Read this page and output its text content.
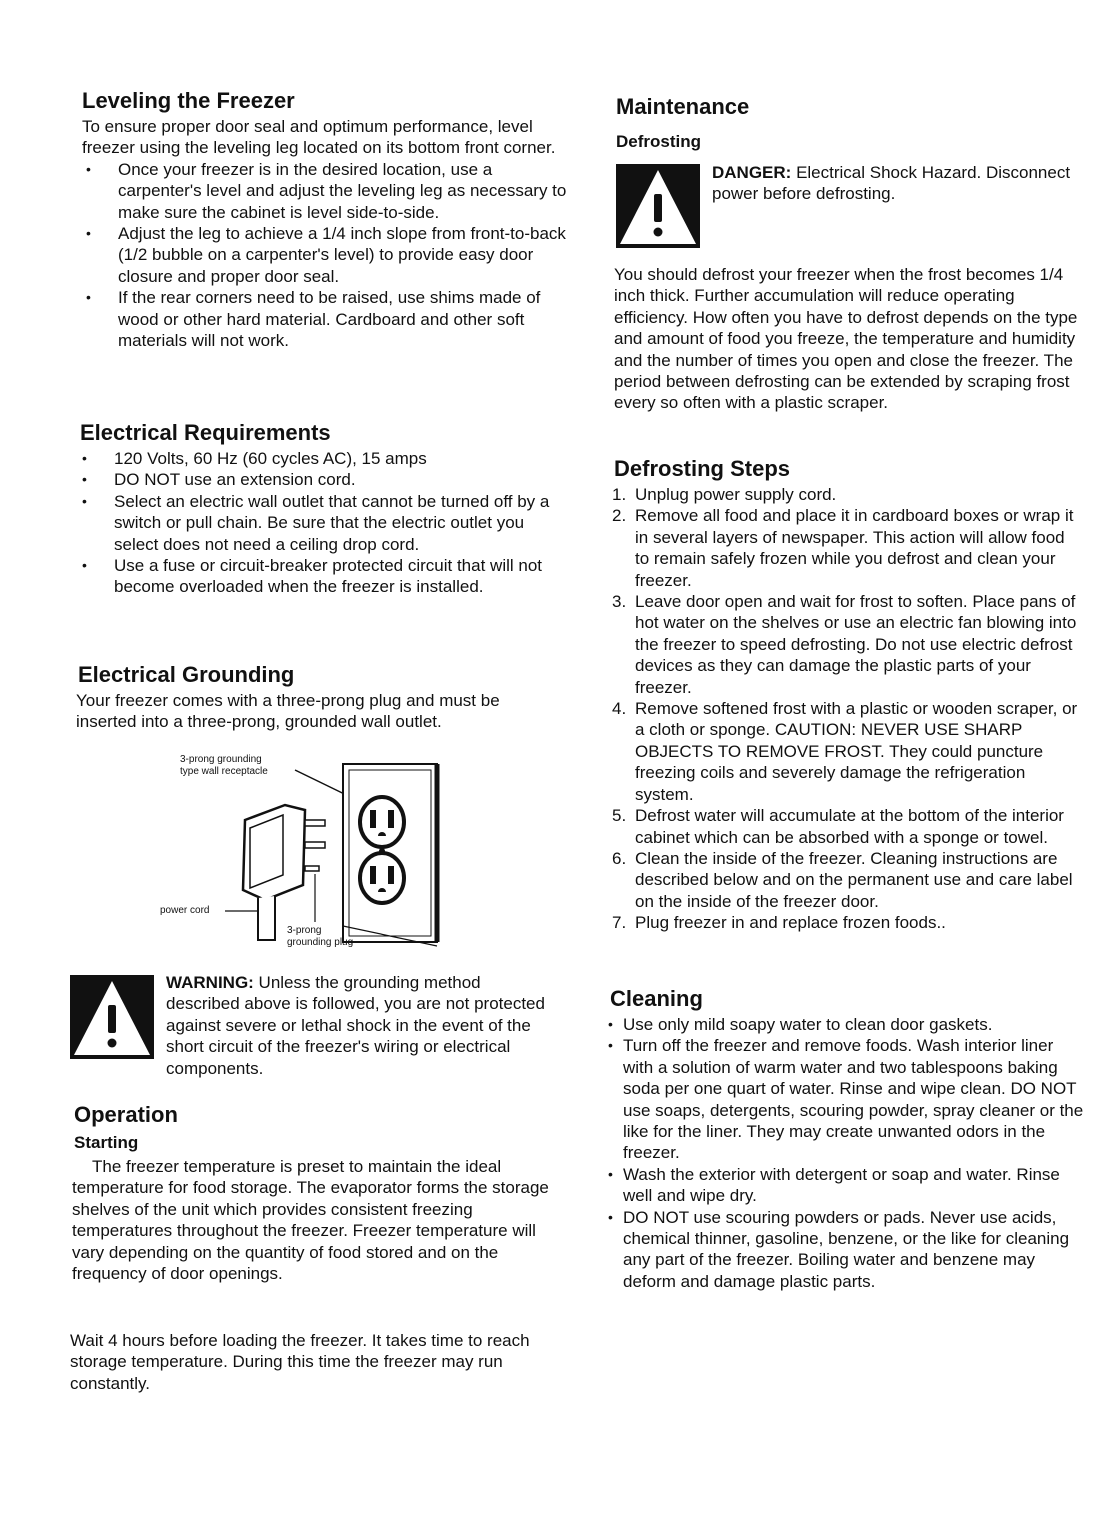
Leveling the Freezer

To ensure proper door seal and optimum performance, level freezer using the leveling leg located on its bottom front corner.

• Once your freezer is in the desired location, use a carpenter's level and adjust the leveling leg as necessary to make sure the cabinet is level side-to-side.
• Adjust the leg to achieve a 1/4 inch slope from front-to-back (1/2 bubble on a carpenter's level) to provide easy door closure and proper door seal.
• If the rear corners need to be raised, use shims made of wood or other hard material. Cardboard and other soft materials will not work.
Electrical Requirements
• 120 Volts, 60 Hz (60 cycles AC), 15 amps
• DO NOT use an extension cord.
• Select an electric wall outlet that cannot be turned off by a switch or pull chain. Be sure that the electric outlet you select does not need a ceiling drop cord.
• Use a fuse or circuit-breaker protected circuit that will not become overloaded when the freezer is installed.
Electrical Grounding
Your freezer comes with a three-prong plug and must be inserted into a three-prong, grounded wall outlet.
3-prong grounding
type wall receptacle
power cord
3-prong
grounding plug
WARNING: Unless the grounding method described above is followed, you are not protected against severe or lethal shock in the event of the short circuit of the freezer's wiring or electrical components.
Operation
Starting
The freezer temperature is preset to maintain the ideal temperature for food storage. The evaporator forms the storage shelves of the unit which provides consistent freezing temperatures throughout the freezer. Freezer temperature will vary depending on the quantity of food stored and on the frequency of door openings.
Wait 4 hours before loading the freezer. It takes time to reach storage temperature. During this time the freezer may run constantly.
Maintenance
Defrosting
DANGER: Electrical Shock Hazard. Disconnect power before defrosting.
You should defrost your freezer when the frost becomes 1/4 inch thick. Further accumulation will reduce operating efficiency. How often you have to defrost depends on the type and amount of food you freeze, the temperature and humidity and the number of times you open and close the freezer. The period between defrosting can be extended by scraping frost every so often with a plastic scraper.
Defrosting Steps
1. Unplug power supply cord.
2. Remove all food and place it in cardboard boxes or wrap it in several layers of newspaper. This action will allow food to remain safely frozen while you defrost and clean your freezer.
3. Leave door open and wait for frost to soften. Place pans of hot water on the shelves or use an electric fan blowing into the freezer to speed defrosting. Do not use electric defrost devices as they can damage the plastic parts of your freezer.
4. Remove softened frost with a plastic or wooden scraper, or a cloth or sponge. CAUTION: NEVER USE SHARP OBJECTS TO REMOVE FROST. They could puncture freezing coils and severely damage the refrigeration system.
5. Defrost water will accumulate at the bottom of the interior cabinet which can be absorbed with a sponge or towel.
6. Clean the inside of the freezer. Cleaning instructions are described below and on the permanent use and care label on the inside of the freezer door.
7. Plug freezer in and replace frozen foods..
Cleaning
• Use only mild soapy water to clean door gaskets.
• Turn off the freezer and remove foods. Wash interior liner with a solution of warm water and two tablespoons baking soda per one quart of water. Rinse and wipe clean. DO NOT use soaps, detergents, scouring powder, spray cleaner or the like for the liner. They may create unwanted odors in the freezer.
• Wash the exterior with detergent or soap and water. Rinse well and wipe dry.
• DO NOT use scouring powders or pads. Never use acids, chemical thinner, gasoline, benzene, or the like for cleaning any part of the freezer. Boiling water and benzene may deform and damage plastic parts.
